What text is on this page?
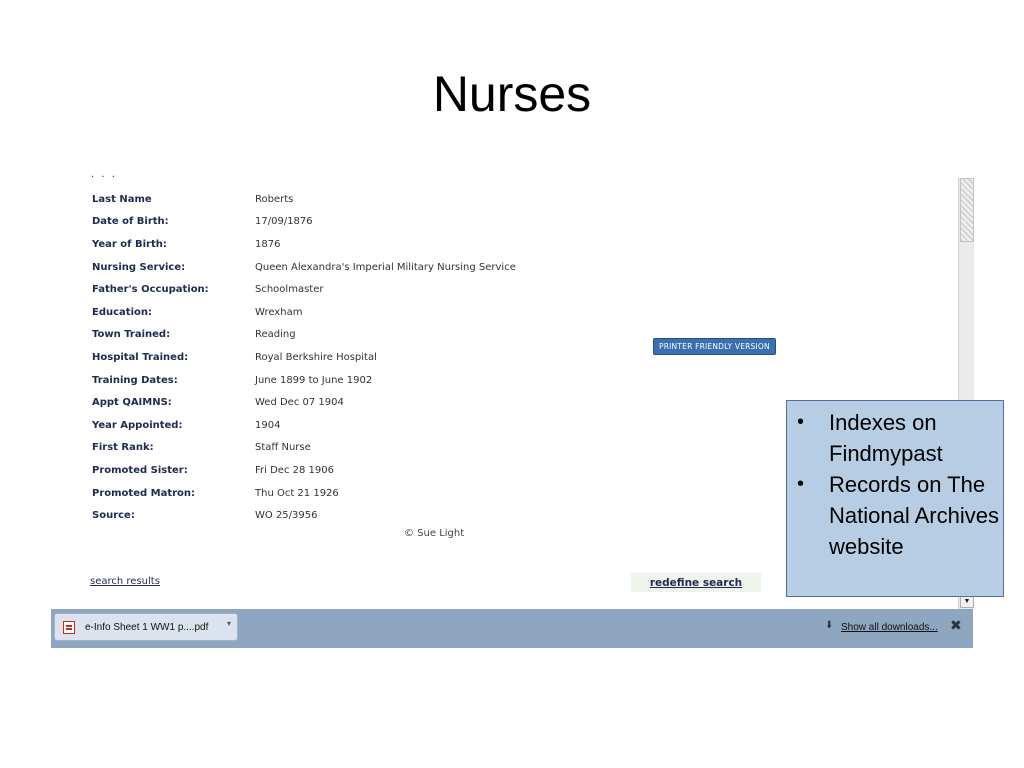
Nurses
· · ·
Last Name	Roberts
Date of Birth:	17/09/1876
Year of Birth:	1876
Nursing Service:	Queen Alexandra's Imperial Military Nursing Service
Father's Occupation:	Schoolmaster
Education:	Wrexham
Town Trained:	Reading
Hospital Trained:	Royal Berkshire Hospital
Training Dates:	June 1899 to June 1902
Appt QAIMNS:	Wed Dec 07 1904
Year Appointed:	1904
First Rank:	Staff Nurse
Promoted Sister:	Fri Dec 28 1906
Promoted Matron:	Thu Oct 21 1926
Source:	WO 25/3956
PRINTER FRIENDLY VERSION
© Sue Light
search results	redefine search
▼
e-Info Sheet 1 WW1 p....pdf ▾	⬇ Show all downloads... ✖
• Indexes on Findmypast
• Records on The National Archives website
